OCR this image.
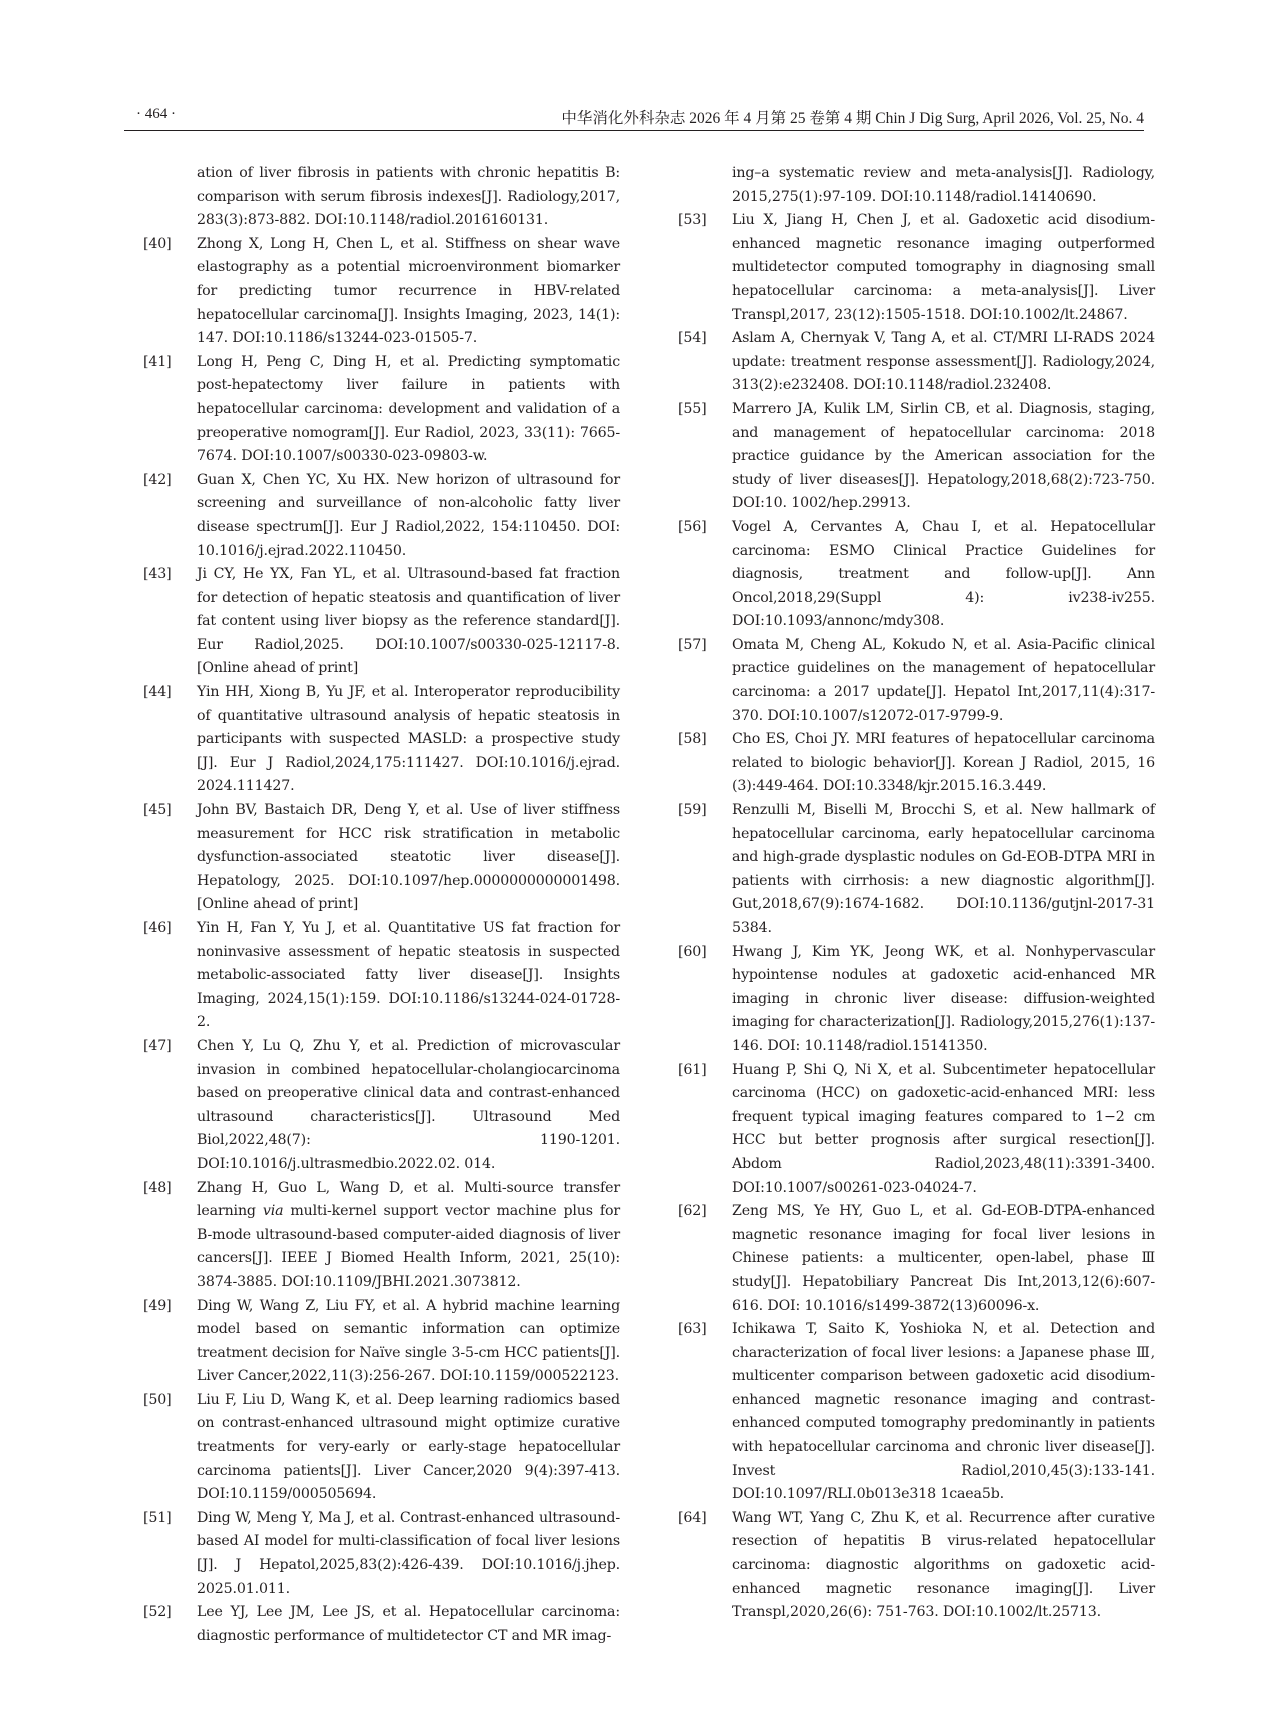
· 464 ·	中华消化外科杂志 2026 年 4 月第 25 卷第 4 期 Chin J Dig Surg, April 2026, Vol. 25, No. 4
ation of liver fibrosis in patients with chronic hepatitis B: comparison with serum fibrosis indexes[J]. Radiology,2017, 283(3):873-882. DOI:10.1148/radiol.2016160131.
[40] Zhong X, Long H, Chen L, et al. Stiffness on shear wave elastography as a potential microenvironment biomarker for predicting tumor recurrence in HBV-related hepatocellular carcinoma[J]. Insights Imaging, 2023, 14(1): 147. DOI:10.1186/s13244-023-01505-7.
[41] Long H, Peng C, Ding H, et al. Predicting symptomatic post-hepatectomy liver failure in patients with hepatocellular carcinoma: development and validation of a preoperative nomogram[J]. Eur Radiol, 2023, 33(11): 7665-7674. DOI:10.1007/s00330-023-09803-w.
[42] Guan X, Chen YC, Xu HX. New horizon of ultrasound for screening and surveillance of non-alcoholic fatty liver disease spectrum[J]. Eur J Radiol,2022, 154:110450. DOI: 10.1016/j.ejrad.2022.110450.
[43] Ji CY, He YX, Fan YL, et al. Ultrasound-based fat fraction for detection of hepatic steatosis and quantification of liver fat content using liver biopsy as the reference standard[J]. Eur Radiol,2025. DOI:10.1007/s00330-025-12117-8. [Online ahead of print]
[44] Yin HH, Xiong B, Yu JF, et al. Interoperator reproducibility of quantitative ultrasound analysis of hepatic steatosis in participants with suspected MASLD: a prospective study [J]. Eur J Radiol,2024,175:111427. DOI:10.1016/j.ejrad. 2024.111427.
[45] John BV, Bastaich DR, Deng Y, et al. Use of liver stiffness measurement for HCC risk stratification in metabolic dysfunction-associated steatotic liver disease[J]. Hepatology, 2025. DOI:10.1097/hep.0000000000001498. [Online ahead of print]
[46] Yin H, Fan Y, Yu J, et al. Quantitative US fat fraction for noninvasive assessment of hepatic steatosis in suspected metabolic-associated fatty liver disease[J]. Insights Imaging, 2024,15(1):159. DOI:10.1186/s13244-024-01728-2.
[47] Chen Y, Lu Q, Zhu Y, et al. Prediction of microvascular invasion in combined hepatocellular-cholangiocarcinoma based on preoperative clinical data and contrast-enhanced ultrasound characteristics[J]. Ultrasound Med Biol,2022,48(7): 1190-1201. DOI:10.1016/j.ultrasmedbio.2022.02. 014.
[48] Zhang H, Guo L, Wang D, et al. Multi-source transfer learning via multi-kernel support vector machine plus for B-mode ultrasound-based computer-aided diagnosis of liver cancers[J]. IEEE J Biomed Health Inform, 2021, 25(10): 3874-3885. DOI:10.1109/JBHI.2021.3073812.
[49] Ding W, Wang Z, Liu FY, et al. A hybrid machine learning model based on semantic information can optimize treatment decision for Naïve single 3-5-cm HCC patients[J]. Liver Cancer,2022,11(3):256-267. DOI:10.1159/000522123.
[50] Liu F, Liu D, Wang K, et al. Deep learning radiomics based on contrast-enhanced ultrasound might optimize curative treatments for very-early or early-stage hepatocellular carcinoma patients[J]. Liver Cancer,2020 9(4):397-413. DOI:10.1159/000505694.
[51] Ding W, Meng Y, Ma J, et al. Contrast-enhanced ultrasound-based AI model for multi-classification of focal liver lesions [J]. J Hepatol,2025,83(2):426-439. DOI:10.1016/j.jhep. 2025.01.011.
[52] Lee YJ, Lee JM, Lee JS, et al. Hepatocellular carcinoma: diagnostic performance of multidetector CT and MR imag-
ing–a systematic review and meta-analysis[J]. Radiology, 2015,275(1):97-109. DOI:10.1148/radiol.14140690.
[53] Liu X, Jiang H, Chen J, et al. Gadoxetic acid disodium-enhanced magnetic resonance imaging outperformed multidetector computed tomography in diagnosing small hepatocellular carcinoma: a meta-analysis[J]. Liver Transpl,2017, 23(12):1505-1518. DOI:10.1002/lt.24867.
[54] Aslam A, Chernyak V, Tang A, et al. CT/MRI LI-RADS 2024 update: treatment response assessment[J]. Radiology,2024, 313(2):e232408. DOI:10.1148/radiol.232408.
[55] Marrero JA, Kulik LM, Sirlin CB, et al. Diagnosis, staging, and management of hepatocellular carcinoma: 2018 practice guidance by the American association for the study of liver diseases[J]. Hepatology,2018,68(2):723-750. DOI:10. 1002/hep.29913.
[56] Vogel A, Cervantes A, Chau I, et al. Hepatocellular carcinoma: ESMO Clinical Practice Guidelines for diagnosis, treatment and follow-up[J]. Ann Oncol,2018,29(Suppl 4): iv238-iv255. DOI:10.1093/annonc/mdy308.
[57] Omata M, Cheng AL, Kokudo N, et al. Asia-Pacific clinical practice guidelines on the management of hepatocellular carcinoma: a 2017 update[J]. Hepatol Int,2017,11(4):317-370. DOI:10.1007/s12072-017-9799-9.
[58] Cho ES, Choi JY. MRI features of hepatocellular carcinoma related to biologic behavior[J]. Korean J Radiol, 2015, 16 (3):449-464. DOI:10.3348/kjr.2015.16.3.449.
[59] Renzulli M, Biselli M, Brocchi S, et al. New hallmark of hepatocellular carcinoma, early hepatocellular carcinoma and high-grade dysplastic nodules on Gd-EOB-DTPA MRI in patients with cirrhosis: a new diagnostic algorithm[J]. Gut,2018,67(9):1674-1682. DOI:10.1136/gutjnl-2017-31 5384.
[60] Hwang J, Kim YK, Jeong WK, et al. Nonhypervascular hypointense nodules at gadoxetic acid-enhanced MR imaging in chronic liver disease: diffusion-weighted imaging for characterization[J]. Radiology,2015,276(1):137-146. DOI: 10.1148/radiol.15141350.
[61] Huang P, Shi Q, Ni X, et al. Subcentimeter hepatocellular carcinoma (HCC) on gadoxetic-acid-enhanced MRI: less frequent typical imaging features compared to 1−2 cm HCC but better prognosis after surgical resection[J]. Abdom Radiol,2023,48(11):3391-3400. DOI:10.1007/s00261-023-04024-7.
[62] Zeng MS, Ye HY, Guo L, et al. Gd-EOB-DTPA-enhanced magnetic resonance imaging for focal liver lesions in Chinese patients: a multicenter, open-label, phase Ⅲ study[J]. Hepatobiliary Pancreat Dis Int,2013,12(6):607-616. DOI: 10.1016/s1499-3872(13)60096-x.
[63] Ichikawa T, Saito K, Yoshioka N, et al. Detection and characterization of focal liver lesions: a Japanese phase Ⅲ, multicenter comparison between gadoxetic acid disodium-enhanced magnetic resonance imaging and contrast-enhanced computed tomography predominantly in patients with hepatocellular carcinoma and chronic liver disease[J]. Invest Radiol,2010,45(3):133-141. DOI:10.1097/RLI.0b013e318 1caea5b.
[64] Wang WT, Yang C, Zhu K, et al. Recurrence after curative resection of hepatitis B virus-related hepatocellular carcinoma: diagnostic algorithms on gadoxetic acid-enhanced magnetic resonance imaging[J]. Liver Transpl,2020,26(6): 751-763. DOI:10.1002/lt.25713.
